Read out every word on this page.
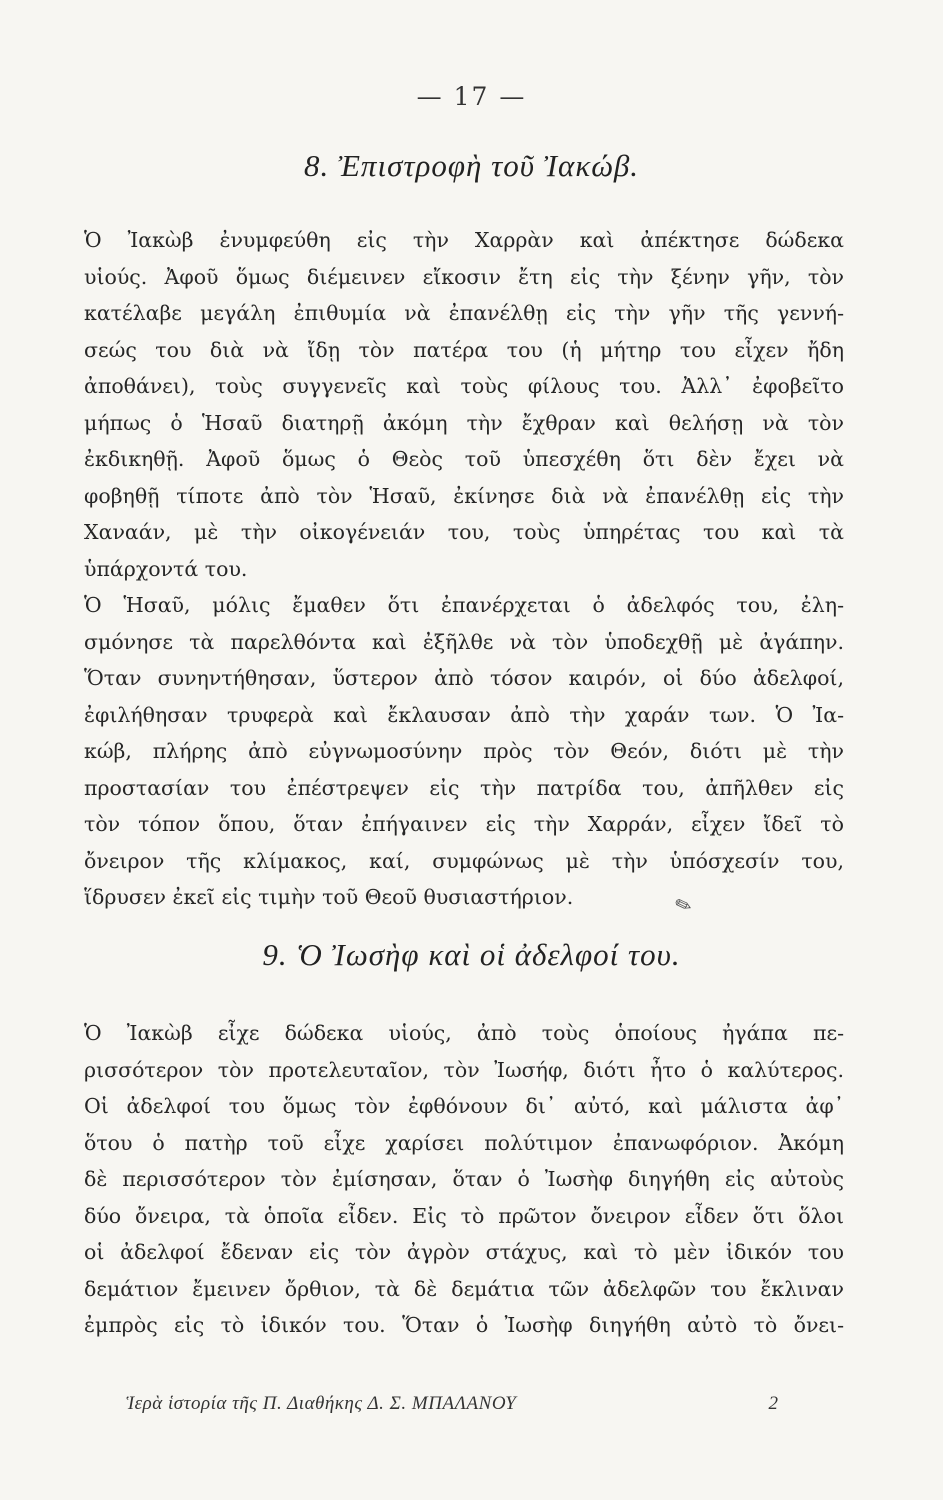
— 17 —
8. Ἐπιστροφὴ τοῦ Ἰακώβ.
Ὁ Ἰακὼβ ἐνυμφεύθη εἰς τὴν Χαρρὰν καὶ ἀπέκτησε δώδεκα
υἱούς. Ἀφοῦ ὅμως διέμεινεν εἴκοσιν ἔτη εἰς τὴν ξένην γῆν, τὸν
κατέλαβε μεγάλη ἐπιθυμία νὰ ἐπανέλθῃ εἰς τὴν γῆν τῆς γεννή-
σεώς του διὰ νὰ ἴδῃ τὸν πατέρα του (ἡ μήτηρ του εἶχεν ἤδη
ἀποθάνει), τοὺς συγγενεῖς καὶ τοὺς φίλους του. Ἀλλ᾽ ἐφοβεῖτο
μήπως ὁ Ἡσαῦ διατηρῇ ἀκόμη τὴν ἔχθραν καὶ θελήσῃ νὰ τὸν
ἐκδικηθῇ. Ἀφοῦ ὅμως ὁ Θεὸς τοῦ ὑπεσχέθη ὅτι δὲν ἔχει νὰ
φοβηθῇ τίποτε ἀπὸ τὸν Ἡσαῦ, ἐκίνησε διὰ νὰ ἐπανέλθῃ εἰς τὴν
Χαναάν, μὲ τὴν οἰκογένειάν του, τοὺς ὑπηρέτας του καὶ τὰ
ὑπάρχοντά του.
Ὁ Ἡσαῦ, μόλις ἔμαθεν ὅτι ἐπανέρχεται ὁ ἀδελφός του, ἐλη-
σμόνησε τὰ παρελθόντα καὶ ἐξῆλθε νὰ τὸν ὑποδεχθῇ μὲ ἀγάπην.
Ὅταν συνηντήθησαν, ὕστερον ἀπὸ τόσον καιρόν, οἱ δύο ἀδελφοί,
ἐφιλήθησαν τρυφερὰ καὶ ἔκλαυσαν ἀπὸ τὴν χαράν των. Ὁ Ἰα-
κώβ, πλήρης ἀπὸ εὐγνωμοσύνην πρὸς τὸν Θεόν, διότι μὲ τὴν
προστασίαν του ἐπέστρεψεν εἰς τὴν πατρίδα του, ἀπῆλθεν εἰς
τὸν τόπον ὅπου, ὅταν ἐπήγαινεν εἰς τὴν Χαρράν, εἶχεν ἴδεῖ τὸ
ὄνειρον τῆς κλίμακος, καί, συμφώνως μὲ τὴν ὑπόσχεσίν του,
ἵδρυσεν ἐκεῖ εἰς τιμὴν τοῦ Θεοῦ θυσιαστήριον.	✎
9. Ὁ Ἰωσὴφ καὶ οἱ ἀδελφοί του.
Ὁ Ἰακὼβ εἶχε δώδεκα υἱούς, ἀπὸ τοὺς ὁποίους ἠγάπα πε-
ρισσότερον τὸν προτελευταῖον, τὸν Ἰωσήφ, διότι ἦτο ὁ καλύτερος.
Οἱ ἀδελφοί του ὅμως τὸν ἐφθόνουν δι᾽ αὐτό, καὶ μάλιστα ἀφ᾽
ὅτου ὁ πατὴρ τοῦ εἶχε χαρίσει πολύτιμον ἐπανωφόριον. Ἀκόμη
δὲ περισσότερον τὸν ἐμίσησαν, ὅταν ὁ Ἰωσὴφ διηγήθη εἰς αὐτοὺς
δύο ὄνειρα, τὰ ὁποῖα εἶδεν. Εἰς τὸ πρῶτον ὄνειρον εἶδεν ὅτι ὅλοι
οἱ ἀδελφοί ἔδεναν εἰς τὸν ἀγρὸν στάχυς, καὶ τὸ μὲν ἰδικόν του
δεμάτιον ἔμεινεν ὄρθιον, τὰ δὲ δεμάτια τῶν ἀδελφῶν του ἔκλιναν
ἐμπρὸς εἰς τὸ ἰδικόν του. Ὅταν ὁ Ἰωσὴφ διηγήθη αὐτὸ τὸ ὄνει-
Ἱερὰ ἱστορία τῆς Π. Διαθήκης Δ. Σ. ΜΠΑΛΑΝΟΥ	2
